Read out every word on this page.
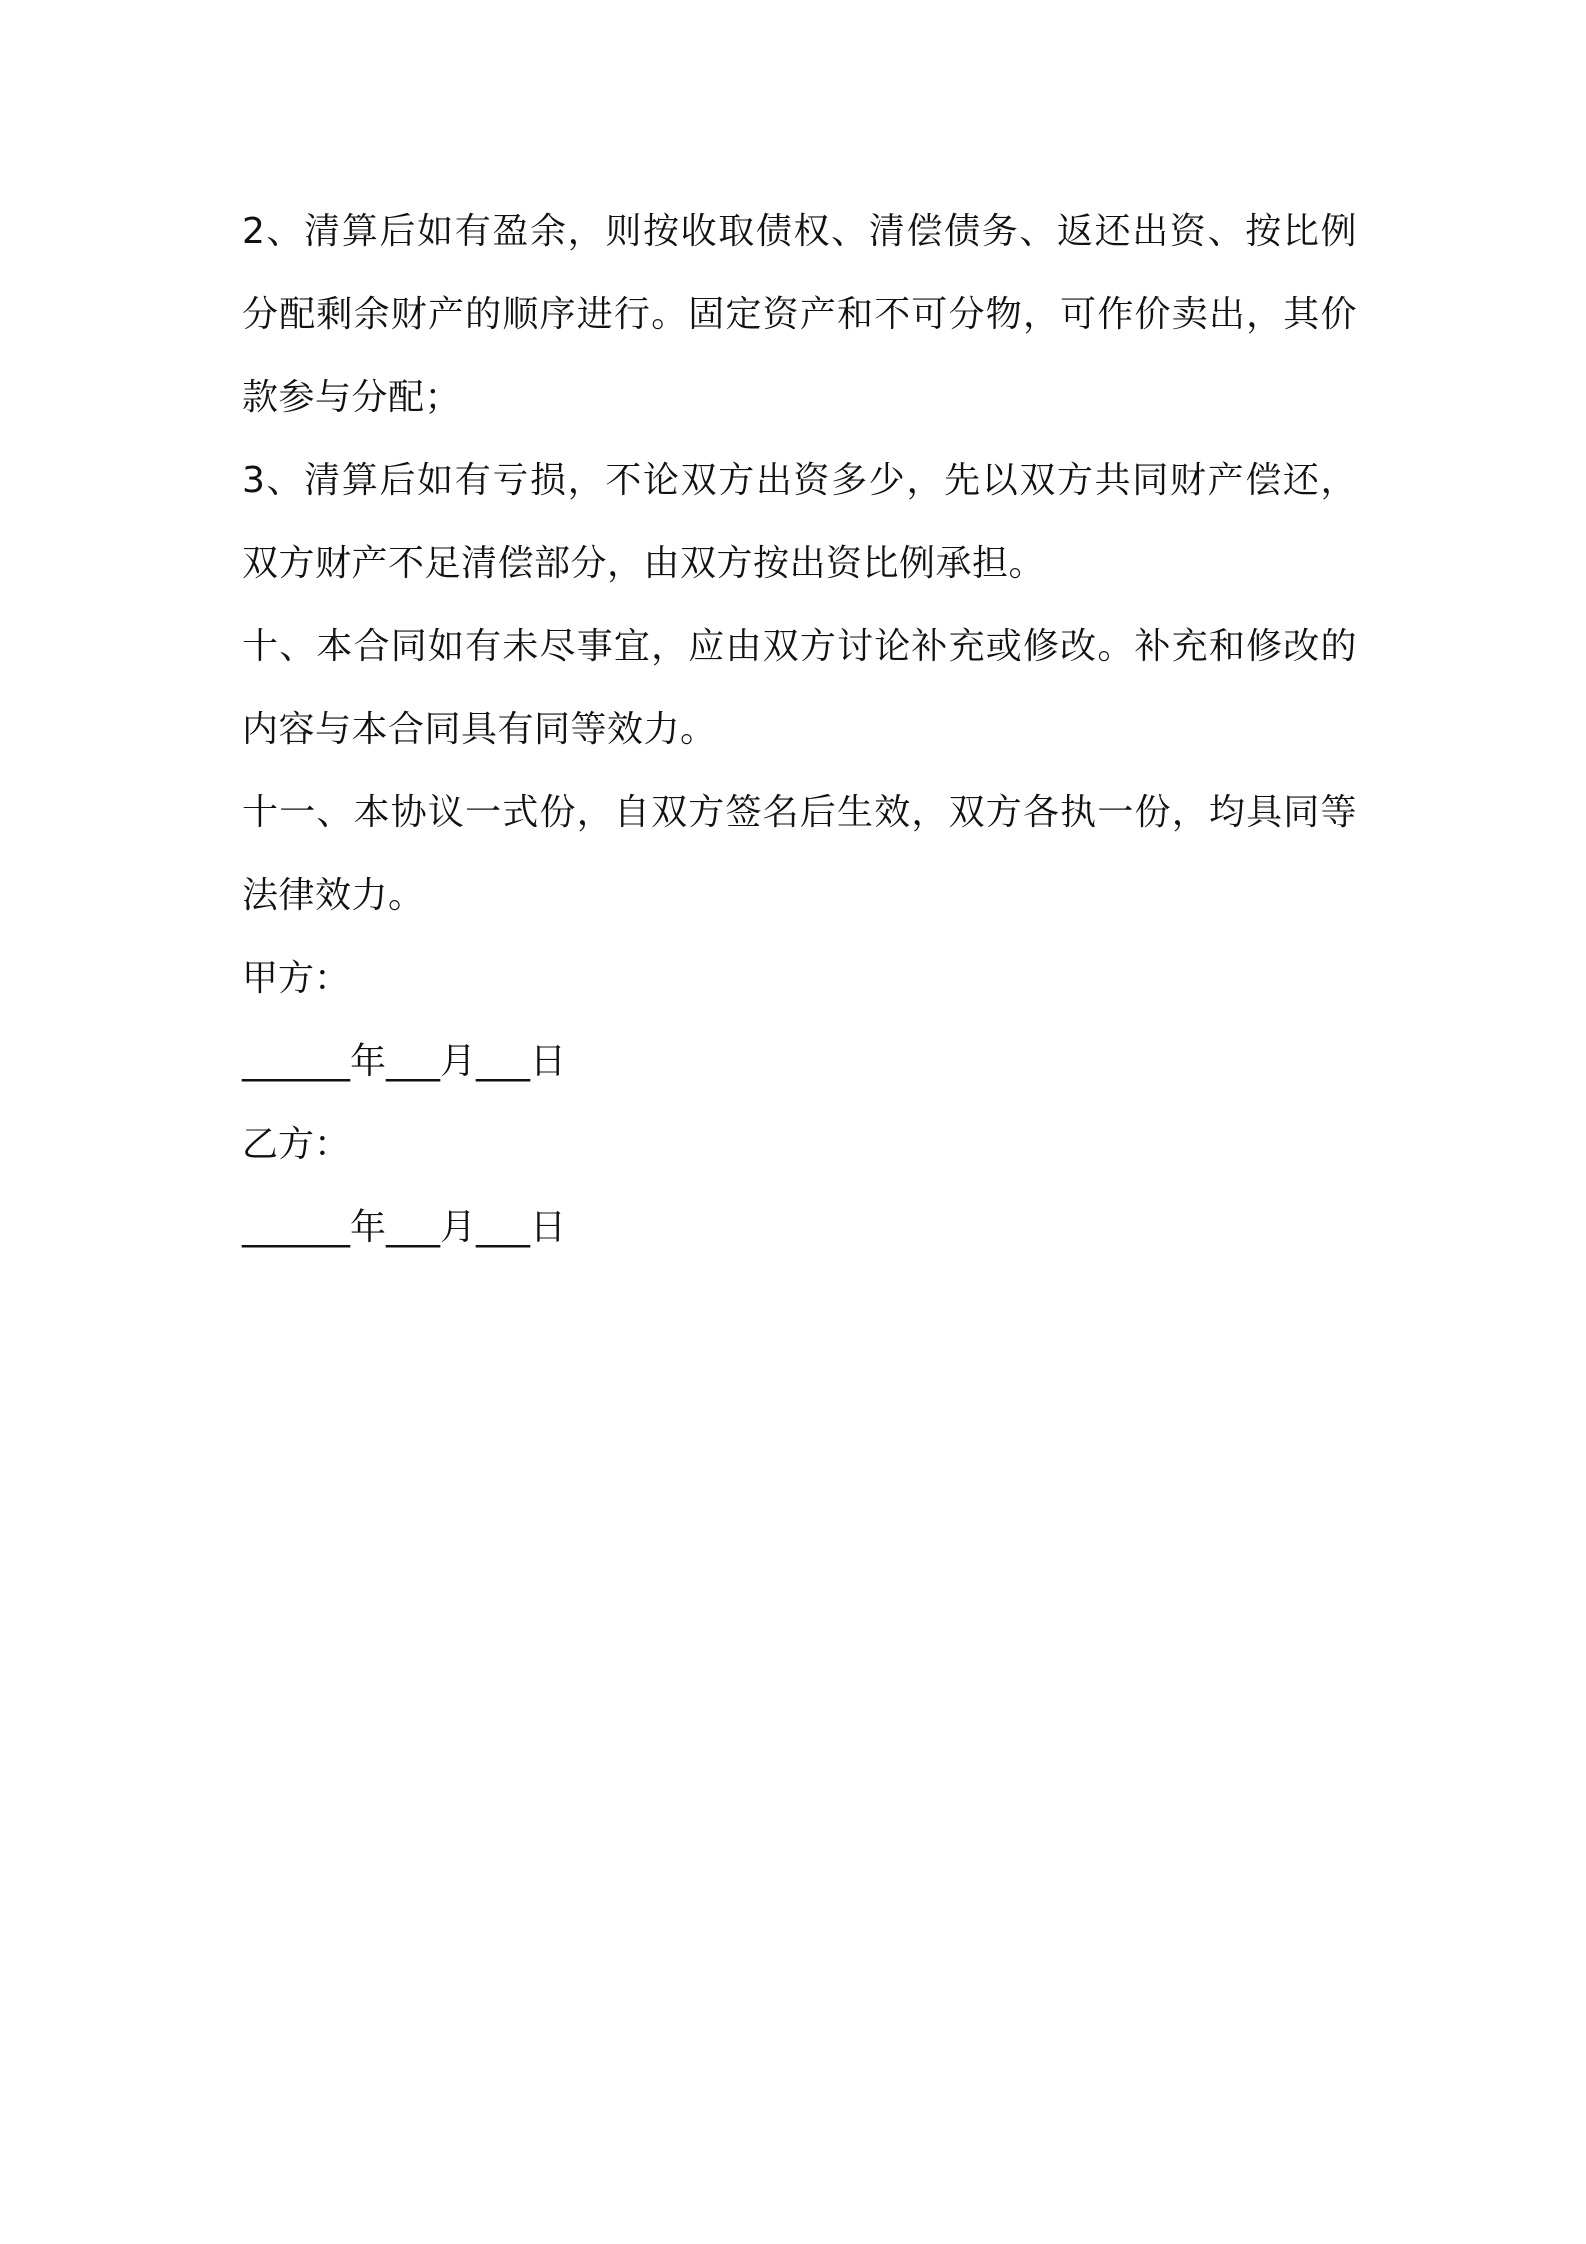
2、清算后如有盈余，则按收取债权、清偿债务、返还出资、按比例分配剩余财产的顺序进行。固定资产和不可分物，可作价卖出，其价款参与分配；

3、清算后如有亏损，不论双方出资多少，先以双方共同财产偿还，双方财产不足清偿部分，由双方按出资比例承担。

十、本合同如有未尽事宜，应由双方讨论补充或修改。补充和修改的内容与本合同具有同等效力。

十一、本协议一式份，自双方签名后生效，双方各执一份，均具同等法律效力。

甲方：

______年___月___日

乙方：

______年___月___日
